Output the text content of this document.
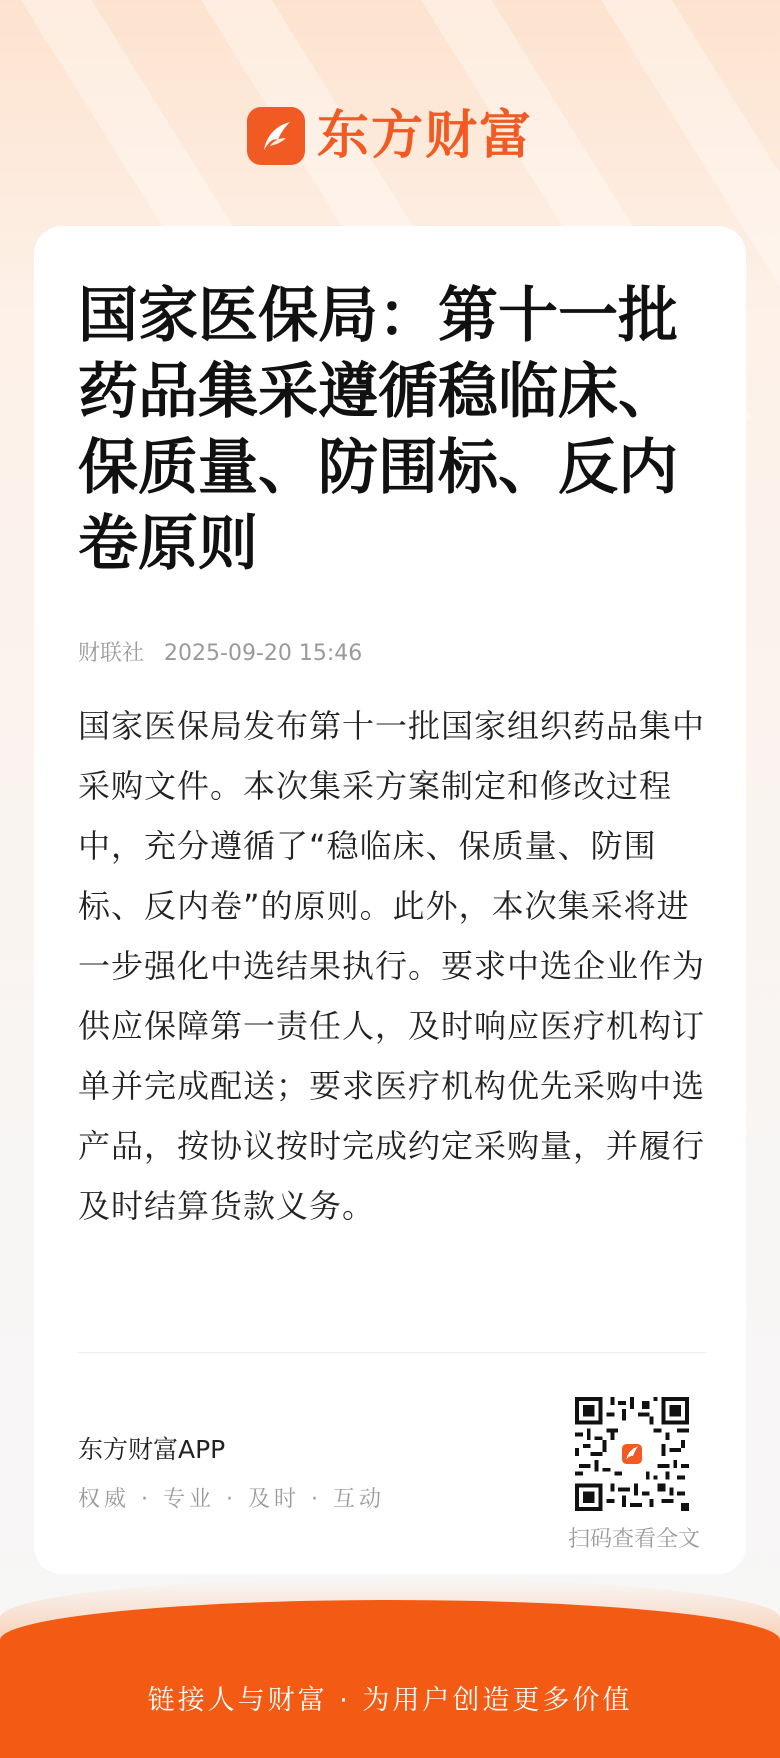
东方财富
国家医保局：第十一批药品集采遵循稳临床、保质量、防围标、反内卷原则
财联社 2025-09-20 15:46

国家医保局发布第十一批国家组织药品集中采购文件。本次集采方案制定和修改过程中，充分遵循了“稳临床、保质量、防围标、反内卷”的原则。此外，本次集采将进一步强化中选结果执行。要求中选企业作为供应保障第一责任人，及时响应医疗机构订单并完成配送；要求医疗机构优先采购中选产品，按协议按时完成约定采购量，并履行及时结算货款义务。

东方财富APP
权威 · 专业 · 及时 · 互动
扫码查看全文
链接人与财富 · 为用户创造更多价值
